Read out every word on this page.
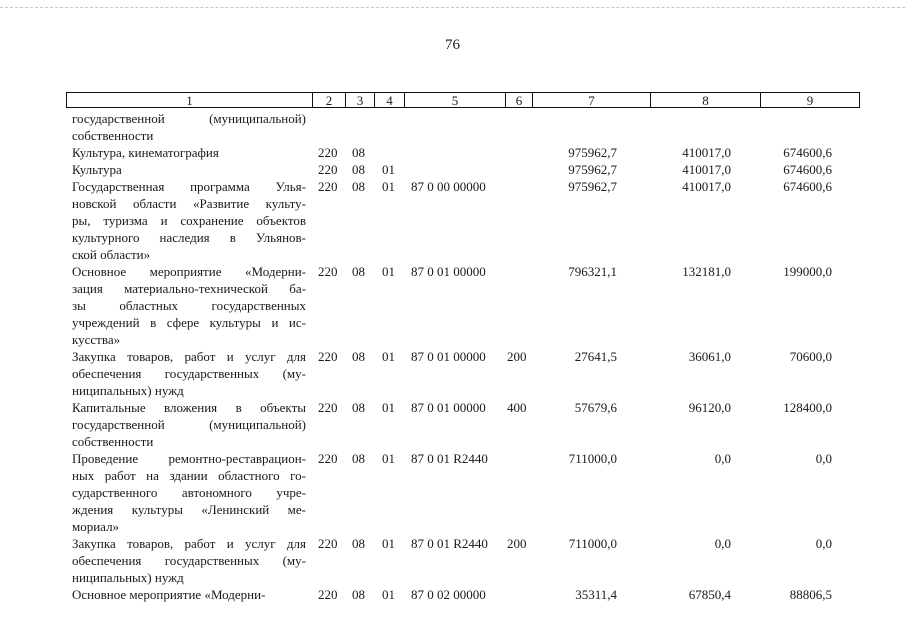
76
1	2	3	4	5	6	7	8	9
государственной (муниципальной)
собственности
Культура, кинематография	220 08	975962,7	410017,0	674600,6
Культура	220 08 01	975962,7	410017,0	674600,6
Государственная программа Улья-
новской области «Развитие культу-
ры, туризма и сохранение объектов
культурного наследия в Ульянов-
ской области»
220 08 01 87 0 00 00000	975962,7	410017,0	674600,6
Основное мероприятие «Модерни-
зация материально-технической ба-
зы областных государственных
учреждений в сфере культуры и ис-
кусства»
220 08 01 87 0 01 00000	796321,1	132181,0	199000,0
Закупка товаров, работ и услуг для
обеспечения государственных (му-
ниципальных) нужд
220 08 01 87 0 01 00000 200	27641,5	36061,0	70600,0
Капитальные вложения в объекты
государственной (муниципальной)
собственности
220 08 01 87 0 01 00000 400	57679,6	96120,0	128400,0
Проведение ремонтно-реставрацион-
ных работ на здании областного го-
сударственного автономного учре-
ждения культуры «Ленинский ме-
мориал»
220 08 01 87 0 01 R2440	711000,0	0,0	0,0
Закупка товаров, работ и услуг для
обеспечения государственных (му-
ниципальных) нужд
220 08 01 87 0 01 R2440 200	711000,0	0,0	0,0
Основное мероприятие «Модерни-	220 08 01 87 0 02 00000	35311,4	67850,4	88806,5
